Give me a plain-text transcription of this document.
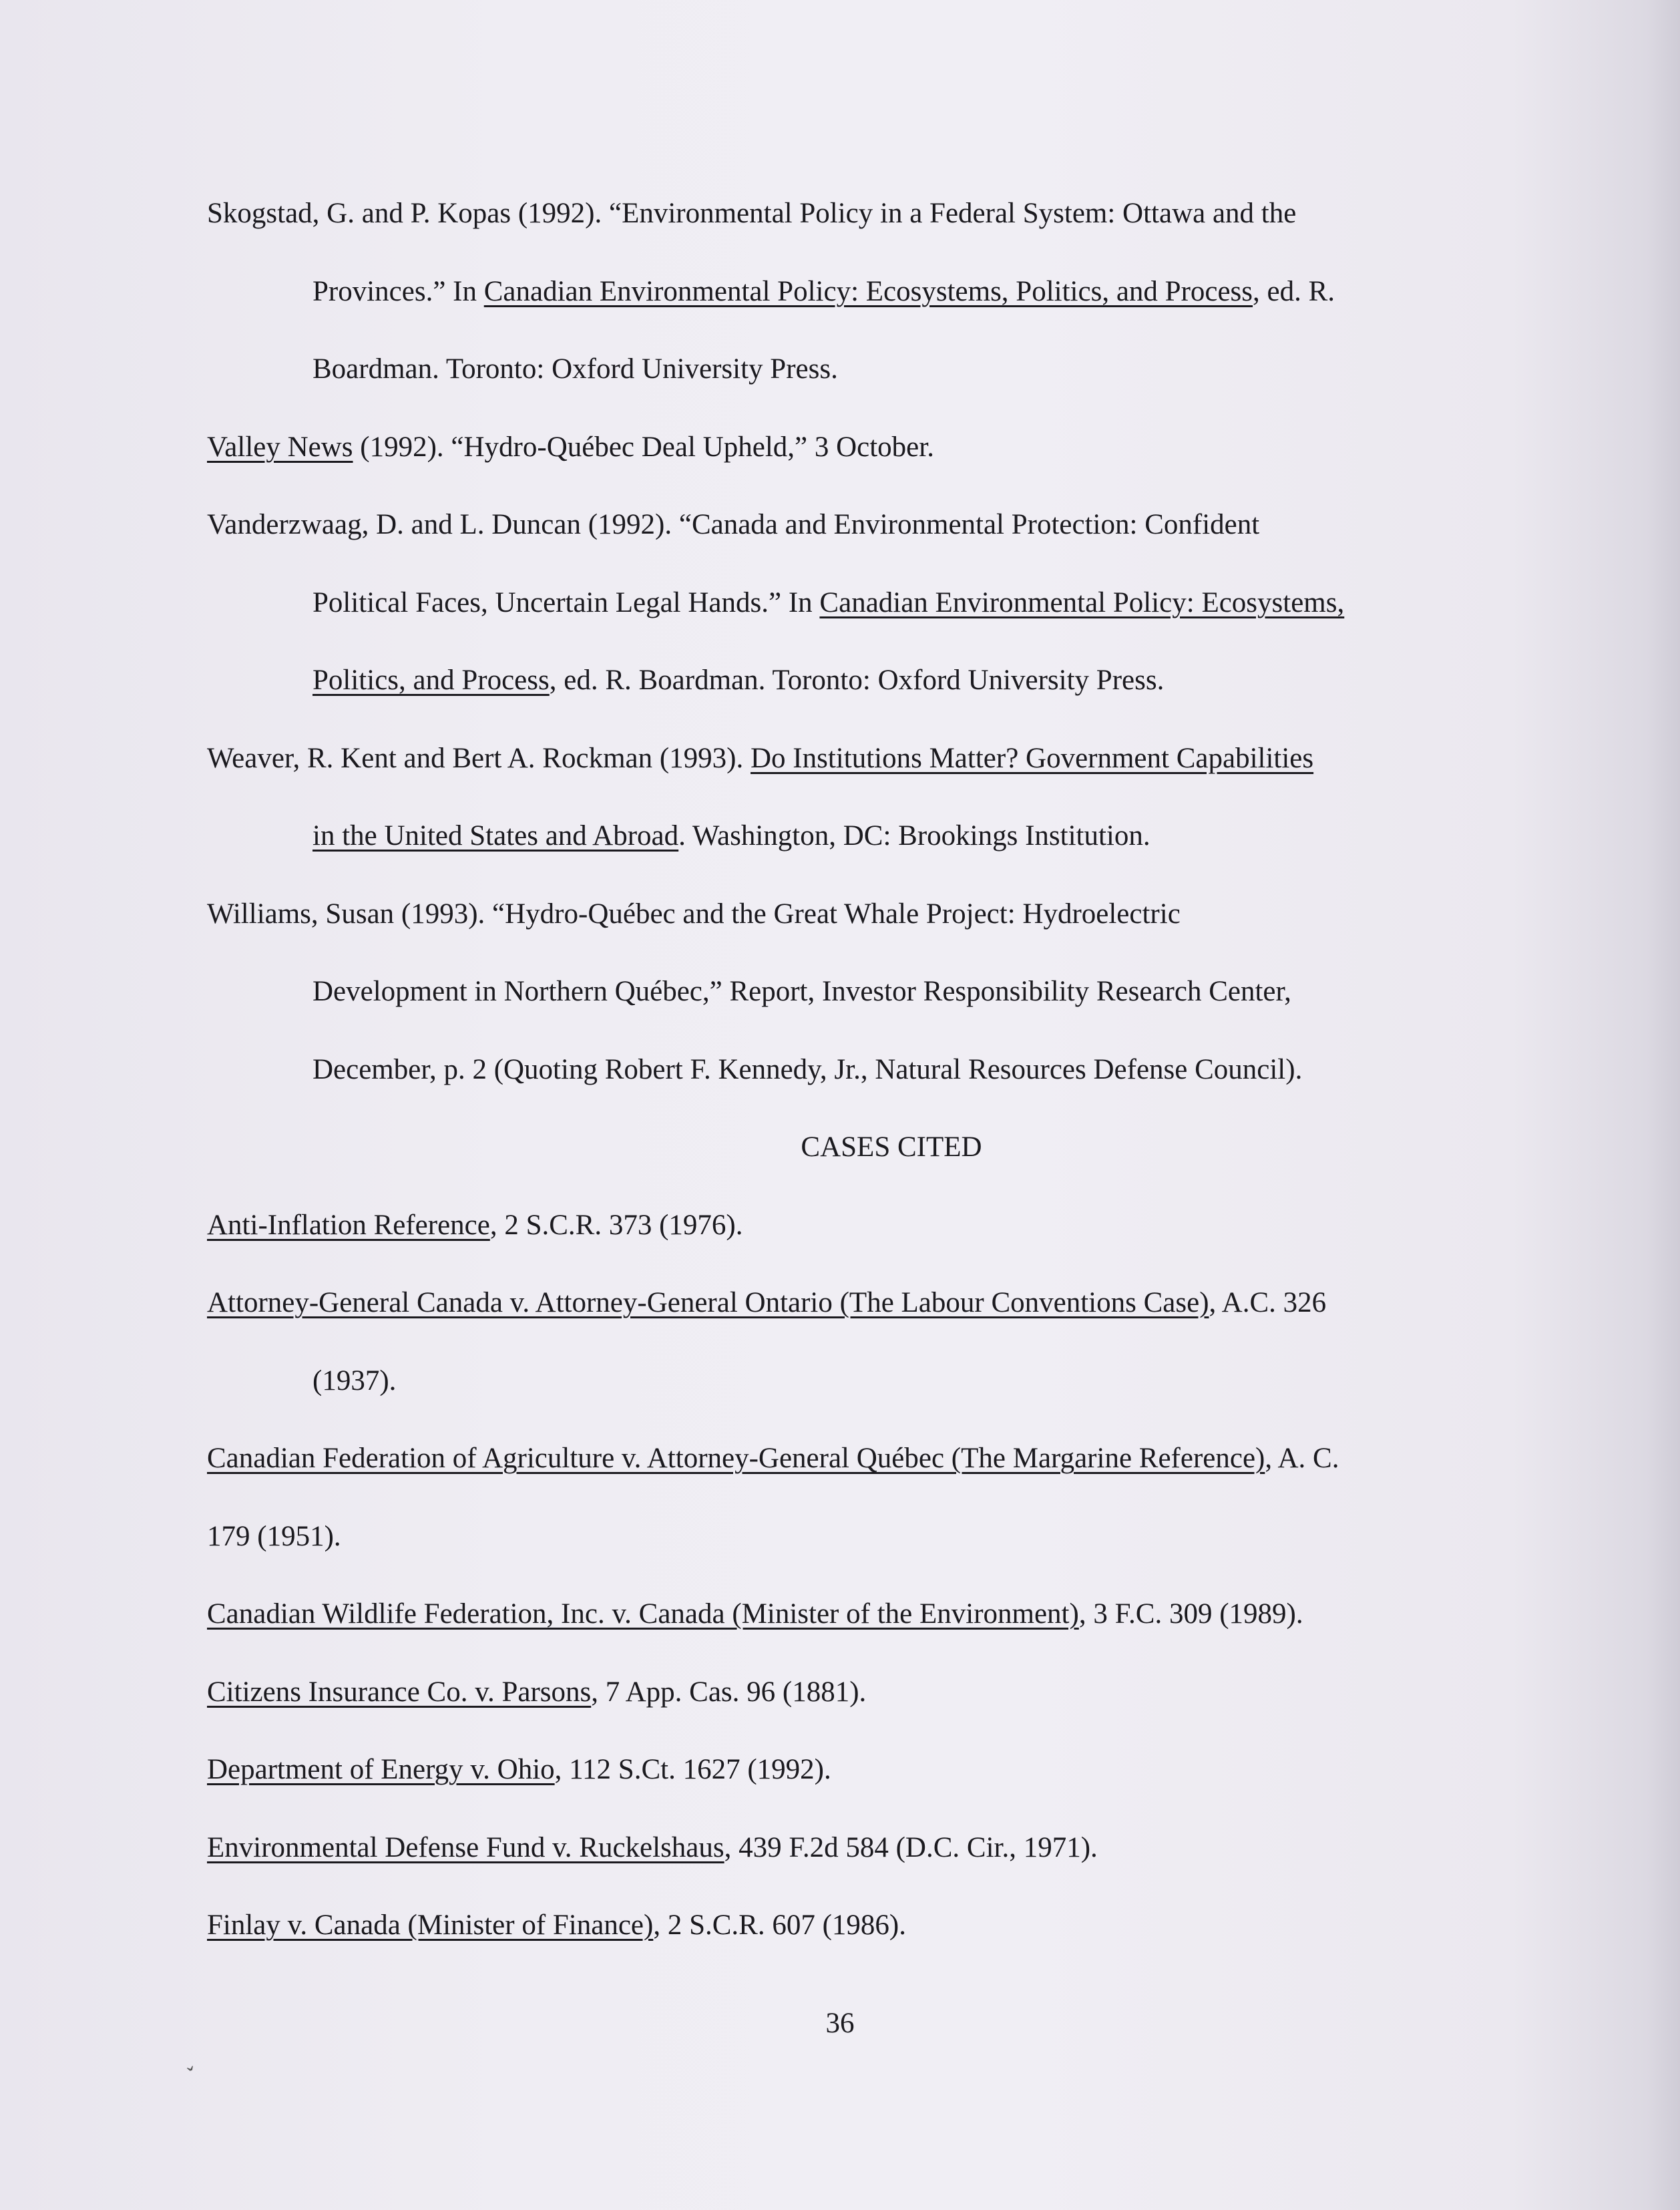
Skogstad, G. and P. Kopas (1992). “Environmental Policy in a Federal System: Ottawa and the
Provinces.” In Canadian Environmental Policy: Ecosystems, Politics, and Process, ed. R.
Boardman. Toronto: Oxford University Press.
Valley News (1992). “Hydro-Québec Deal Upheld,” 3 October.
Vanderzwaag, D. and L. Duncan (1992). “Canada and Environmental Protection: Confident
Political Faces, Uncertain Legal Hands.” In Canadian Environmental Policy: Ecosystems,
Politics, and Process, ed. R. Boardman. Toronto: Oxford University Press.
Weaver, R. Kent and Bert A. Rockman (1993). Do Institutions Matter? Government Capabilities
in the United States and Abroad. Washington, DC: Brookings Institution.
Williams, Susan (1993). “Hydro-Québec and the Great Whale Project: Hydroelectric
Development in Northern Québec,” Report, Investor Responsibility Research Center,
December, p. 2 (Quoting Robert F. Kennedy, Jr., Natural Resources Defense Council).
CASES CITED
Anti-Inflation Reference, 2 S.C.R. 373 (1976).
Attorney-General Canada v. Attorney-General Ontario (The Labour Conventions Case), A.C. 326
(1937).
Canadian Federation of Agriculture v. Attorney-General Québec (The Margarine Reference), A. C.
179 (1951).
Canadian Wildlife Federation, Inc. v. Canada (Minister of the Environment), 3 F.C. 309 (1989).
Citizens Insurance Co. v. Parsons, 7 App. Cas. 96 (1881).
Department of Energy v. Ohio, 112 S.Ct. 1627 (1992).
Environmental Defense Fund v. Ruckelshaus, 439 F.2d 584 (D.C. Cir., 1971).
Finlay v. Canada (Minister of Finance), 2 S.C.R. 607 (1986).
36
˯
